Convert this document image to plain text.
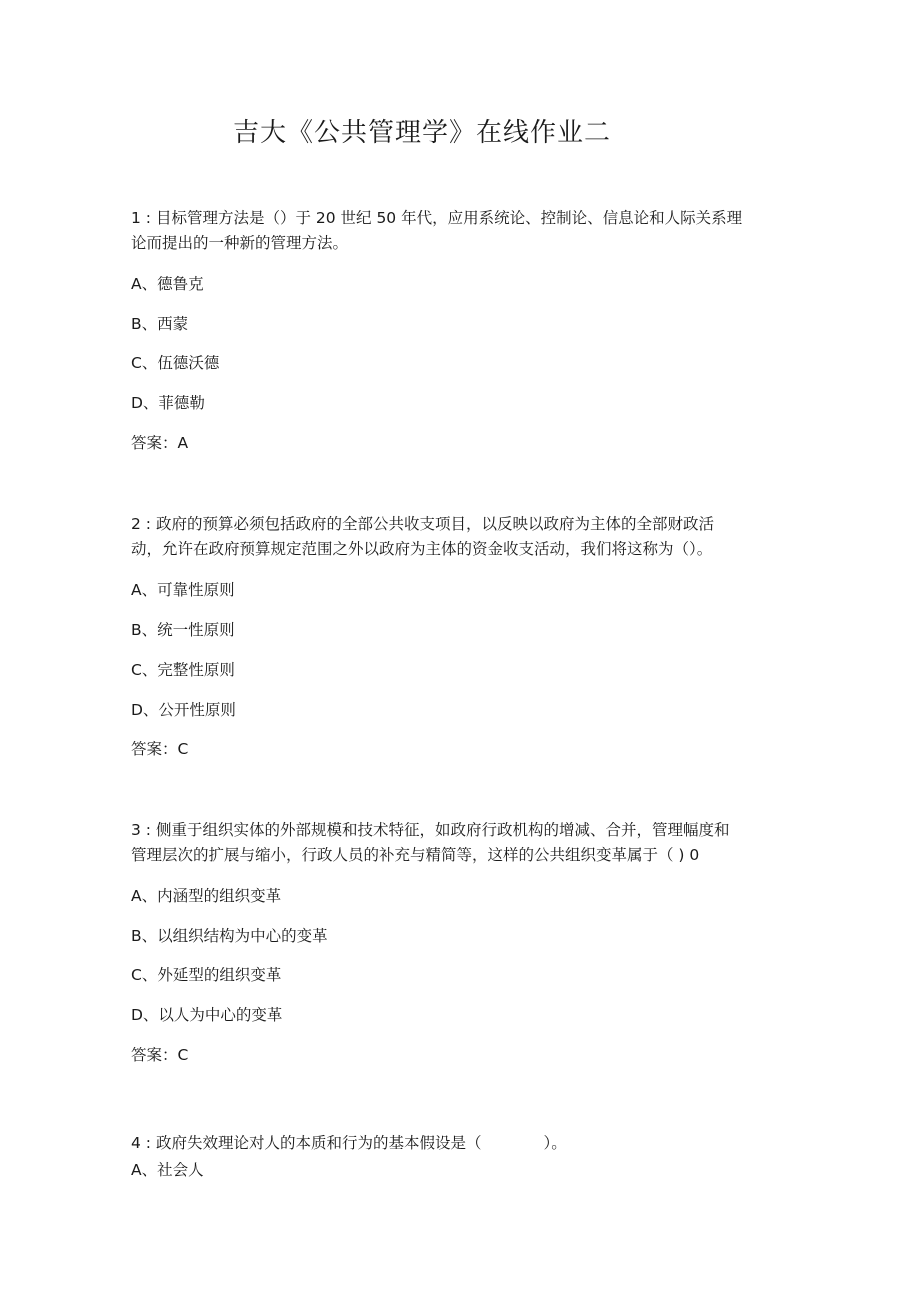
吉大《公共管理学》在线作业二
1 : 目标管理方法是（）于 20 世纪 50 年代，应用系统论、控制论、信息论和人际关系理
论而提出的一种新的管理方法。
A、德鲁克
B、西蒙
C、伍德沃德
D、菲德勒
答案：A
2 : 政府的预算必须包括政府的全部公共收支项目，以反映以政府为主体的全部财政活
动，允许在政府预算规定范围之外以政府为主体的资金收支活动，我们将这称为（）。
A、可靠性原则
B、统一性原则
C、完整性原则
D、公开性原则
答案：C
3 : 侧重于组织实体的外部规模和技术特征，如政府行政机构的增减、合并，管理幅度和
管理层次的扩展与缩小，行政人员的补充与精简等，这样的公共组织变革属于（ ) 0
A、内涵型的组织变革
B、以组织结构为中心的变革
C、外延型的组织变革
D、以人为中心的变革
答案：C
4 : 政府失效理论对人的本质和行为的基本假设是（　　　　）。
A、社会人
